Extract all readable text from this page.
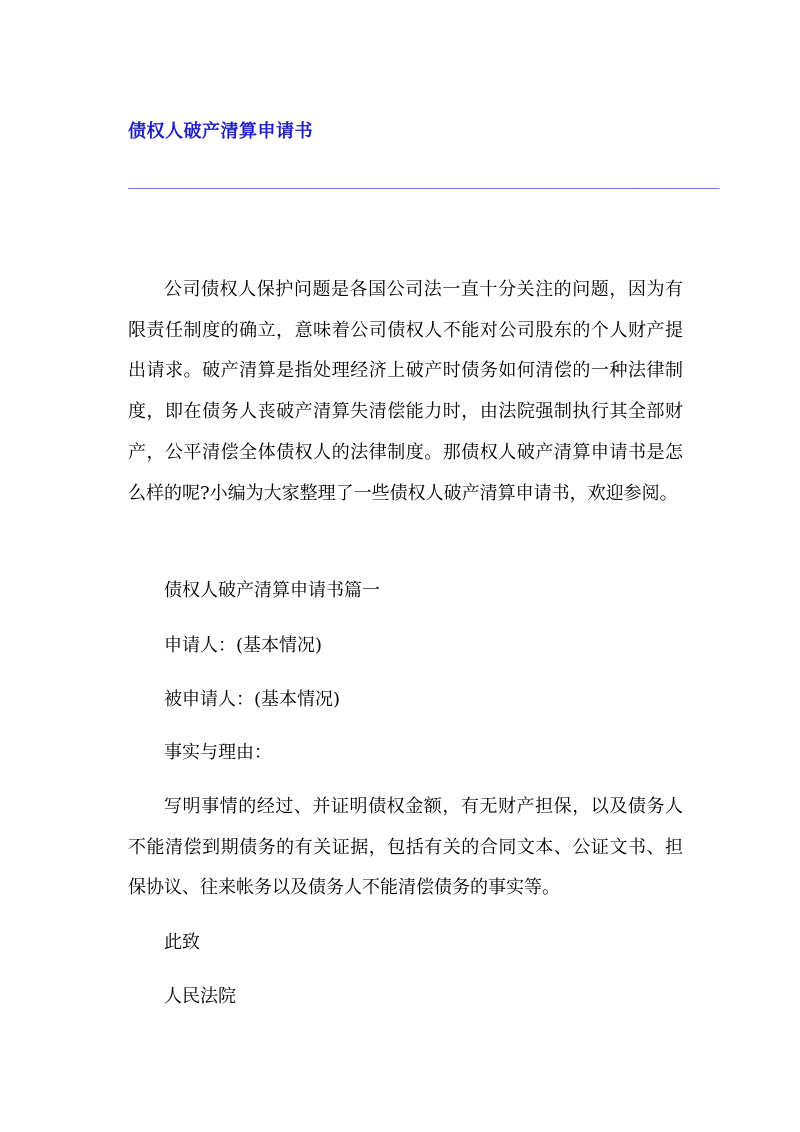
债权人破产清算申请书
________________________________________________________________

公司债权人保护问题是各国公司法一直十分关注的问题，因为有限责任制度的确立，意味着公司债权人不能对公司股东的个人财产提出请求。破产清算是指处理经济上破产时债务如何清偿的一种法律制度，即在债务人丧破产清算失清偿能力时，由法院强制执行其全部财产，公平清偿全体债权人的法律制度。那债权人破产清算申请书是怎么样的呢?小编为大家整理了一些债权人破产清算申请书，欢迎参阅。

债权人破产清算申请书篇一

申请人：(基本情况)

被申请人：(基本情况)

事实与理由：

写明事情的经过、并证明债权金额，有无财产担保，以及债务人不能清偿到期债务的有关证据，包括有关的合同文本、公证文书、担保协议、往来帐务以及债务人不能清偿债务的事实等。

此致

人民法院
